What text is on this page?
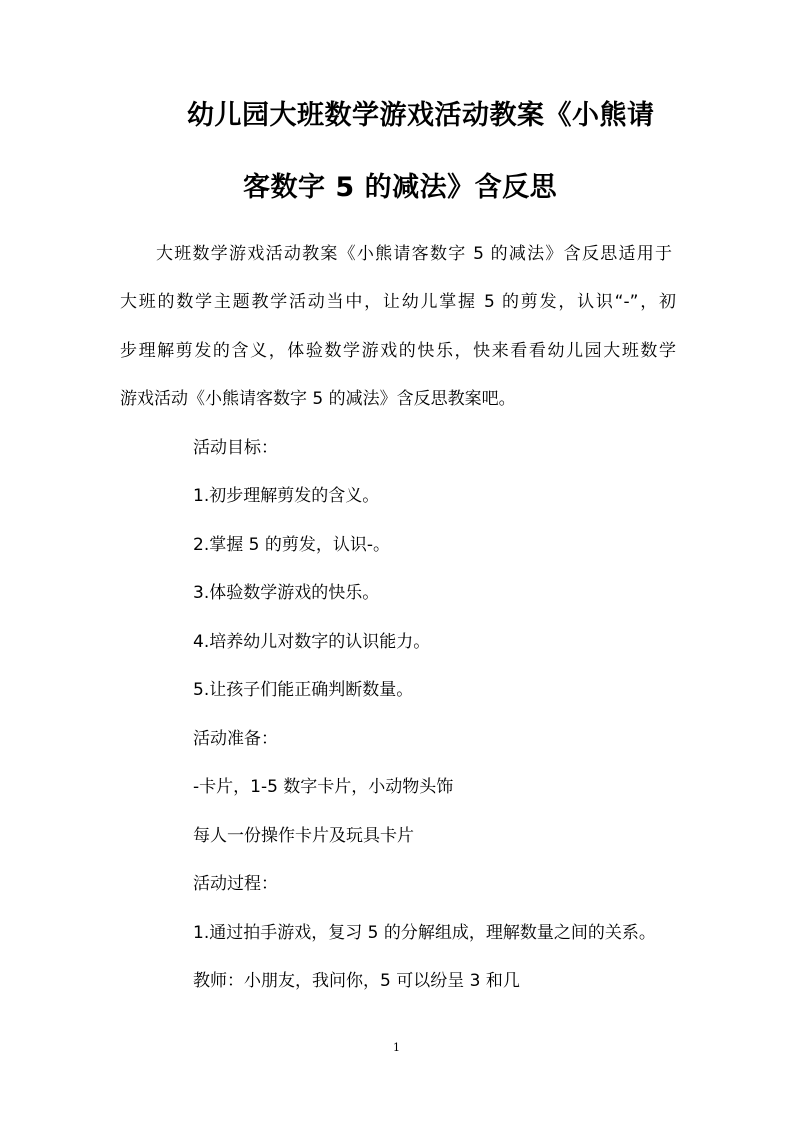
幼儿园大班数学游戏活动教案《小熊请
客数字 5 的减法》含反思
大班数学游戏活动教案《小熊请客数字 5 的减法》含反思适用于
大班的数学主题教学活动当中，让幼儿掌握 5 的剪发，认识“-”，初
步理解剪发的含义，体验数学游戏的快乐，快来看看幼儿园大班数学
游戏活动《小熊请客数字 5 的减法》含反思教案吧。
活动目标：
1.初步理解剪发的含义。
2.掌握 5 的剪发，认识-。
3.体验数学游戏的快乐。
4.培养幼儿对数字的认识能力。
5.让孩子们能正确判断数量。
活动准备：
-卡片，1-5 数字卡片，小动物头饰
每人一份操作卡片及玩具卡片
活动过程：
1.通过拍手游戏，复习 5 的分解组成，理解数量之间的关系。
教师：小朋友，我问你，5 可以纷呈 3 和几
1
